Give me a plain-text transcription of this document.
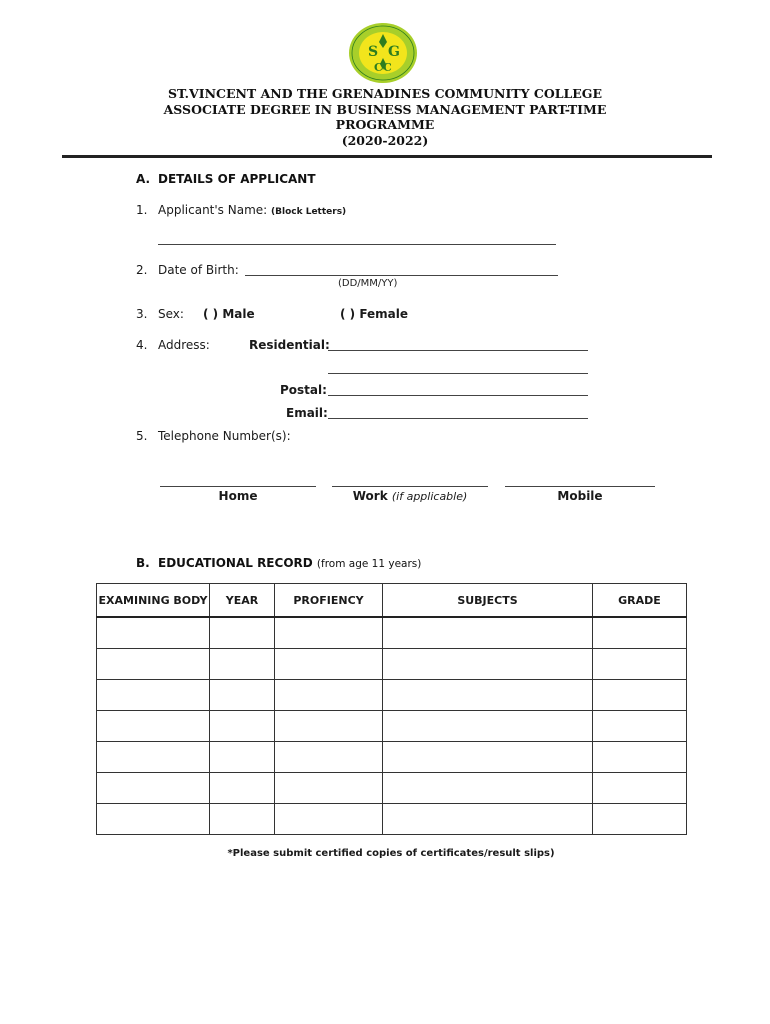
S G
C C
ST.VINCENT AND THE GRENADINES COMMUNITY COLLEGE
ASSOCIATE DEGREE IN BUSINESS MANAGEMENT PART-TIME
PROGRAMME
(2020-2022)
A. DETAILS OF APPLICANT
1. Applicant's Name: (Block Letters)
2. Date of Birth:
(DD/MM/YY)
3. Sex: ( ) Male	( ) Female
4. Address:	Residential:
Postal:
Email:
5. Telephone Number(s):
Home	Work (if applicable)	Mobile
B. EDUCATIONAL RECORD (from age 11 years)
EXAMINING BODY	YEAR	PROFIENCY	SUBJECTS	GRADE

*Please submit certified copies of certificates/result slips)
